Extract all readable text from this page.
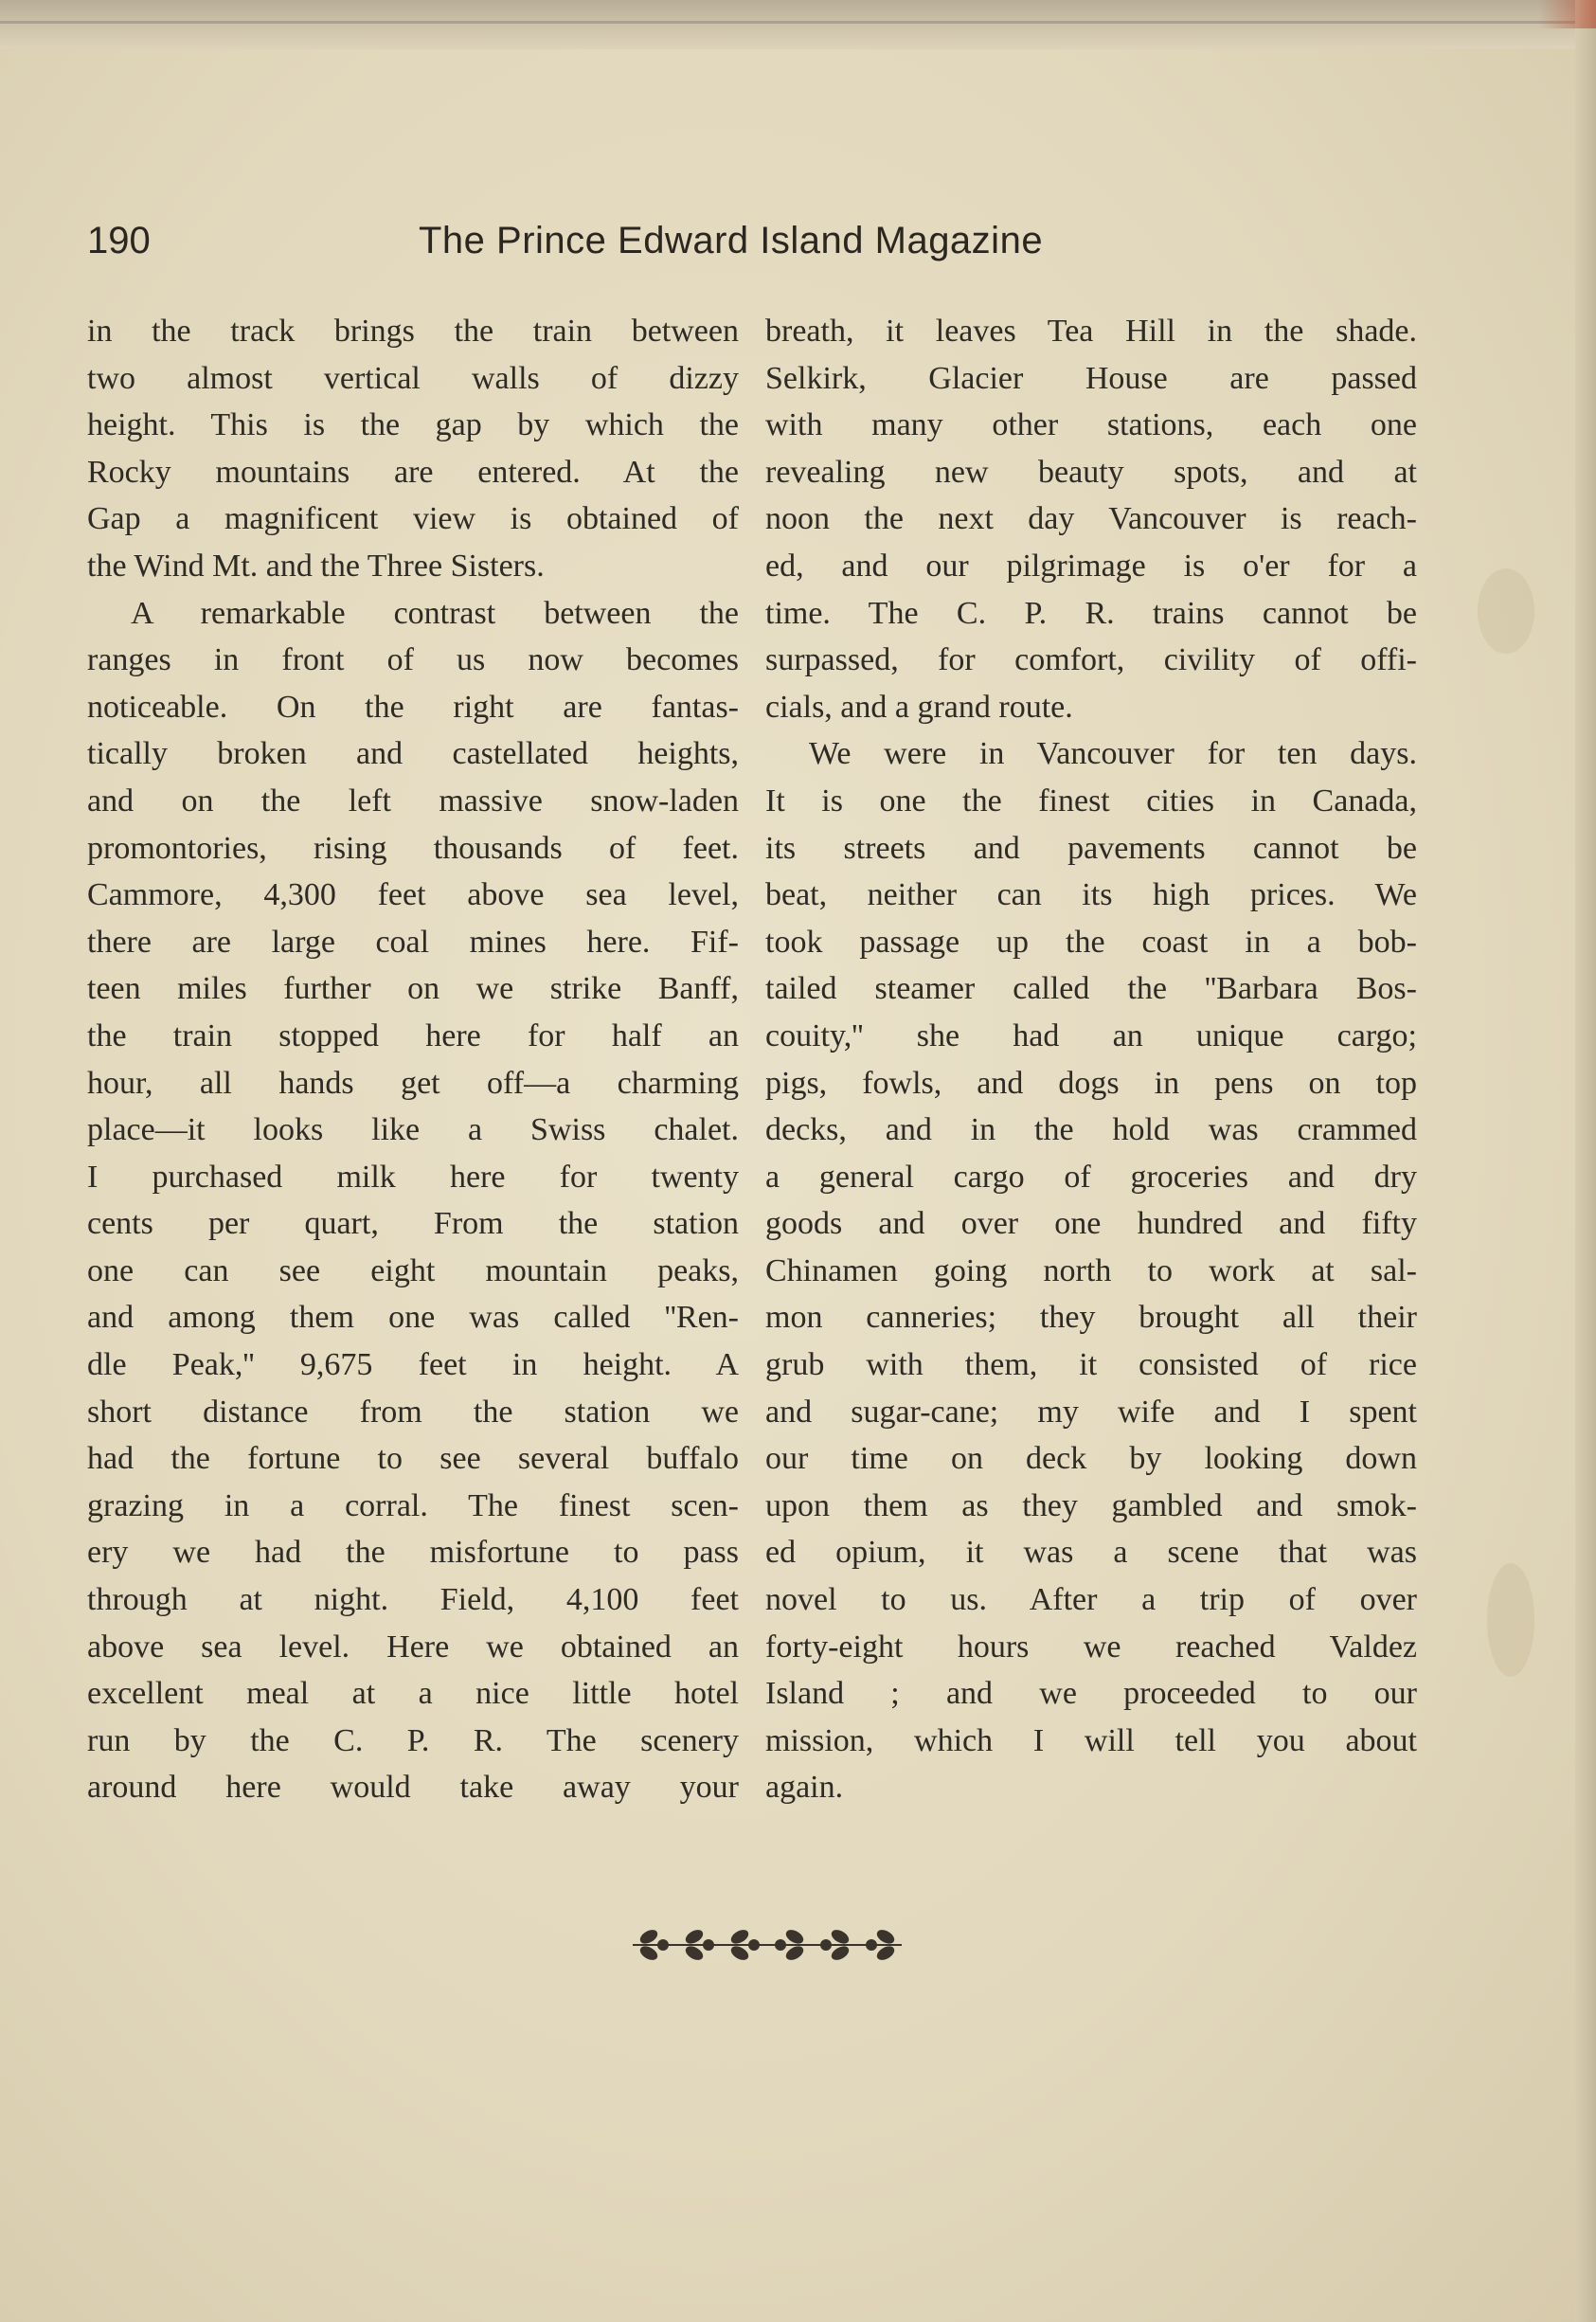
190	The Prince Edward Island Magazine
in the track brings the train between
two almost vertical walls of dizzy
height. This is the gap by which the
Rocky mountains are entered. At the
Gap a magnificent view is obtained of
the Wind Mt. and the Three Sisters.
A remarkable contrast between the
ranges in front of us now becomes
noticeable. On the right are fantas-
tically broken and castellated heights,
and on the left massive snow-laden
promontories, rising thousands of feet.
Cammore, 4,300 feet above sea level,
there are large coal mines here. Fif-
teen miles further on we strike Banff,
the train stopped here for half an
hour, all hands get off—a charming
place—it looks like a Swiss chalet.
I purchased milk here for twenty
cents per quart, From the station
one can see eight mountain peaks,
and among them one was called ''Ren-
dle Peak,'' 9,675 feet in height. A
short distance from the station we
had the fortune to see several buffalo
grazing in a corral. The finest scen-
ery we had the misfortune to pass
through at night. Field, 4,100 feet
above sea level. Here we obtained an
excellent meal at a nice little hotel
run by the C. P. R. The scenery
around here would take away your
breath, it leaves Tea Hill in the shade.
Selkirk, Glacier House are passed
with many other stations, each one
revealing new beauty spots, and at
noon the next day Vancouver is reach-
ed, and our pilgrimage is o'er for a
time. The C. P. R. trains cannot be
surpassed, for comfort, civility of offi-
cials, and a grand route.
We were in Vancouver for ten days.
It is one the finest cities in Canada,
its streets and pavements cannot be
beat, neither can its high prices. We
took passage up the coast in a bob-
tailed steamer called the ''Barbara Bos-
couity,'' she had an unique cargo;
pigs, fowls, and dogs in pens on top
decks, and in the hold was crammed
a general cargo of groceries and dry
goods and over one hundred and fifty
Chinamen going north to work at sal-
mon canneries; they brought all their
grub with them, it consisted of rice
and sugar-cane; my wife and I spent
our time on deck by looking down
upon them as they gambled and smok-
ed opium, it was a scene that was
novel to us. After a trip of over
forty-eight hours we reached Valdez
Island ; and we proceeded to our
mission, which I will tell you about
again.
